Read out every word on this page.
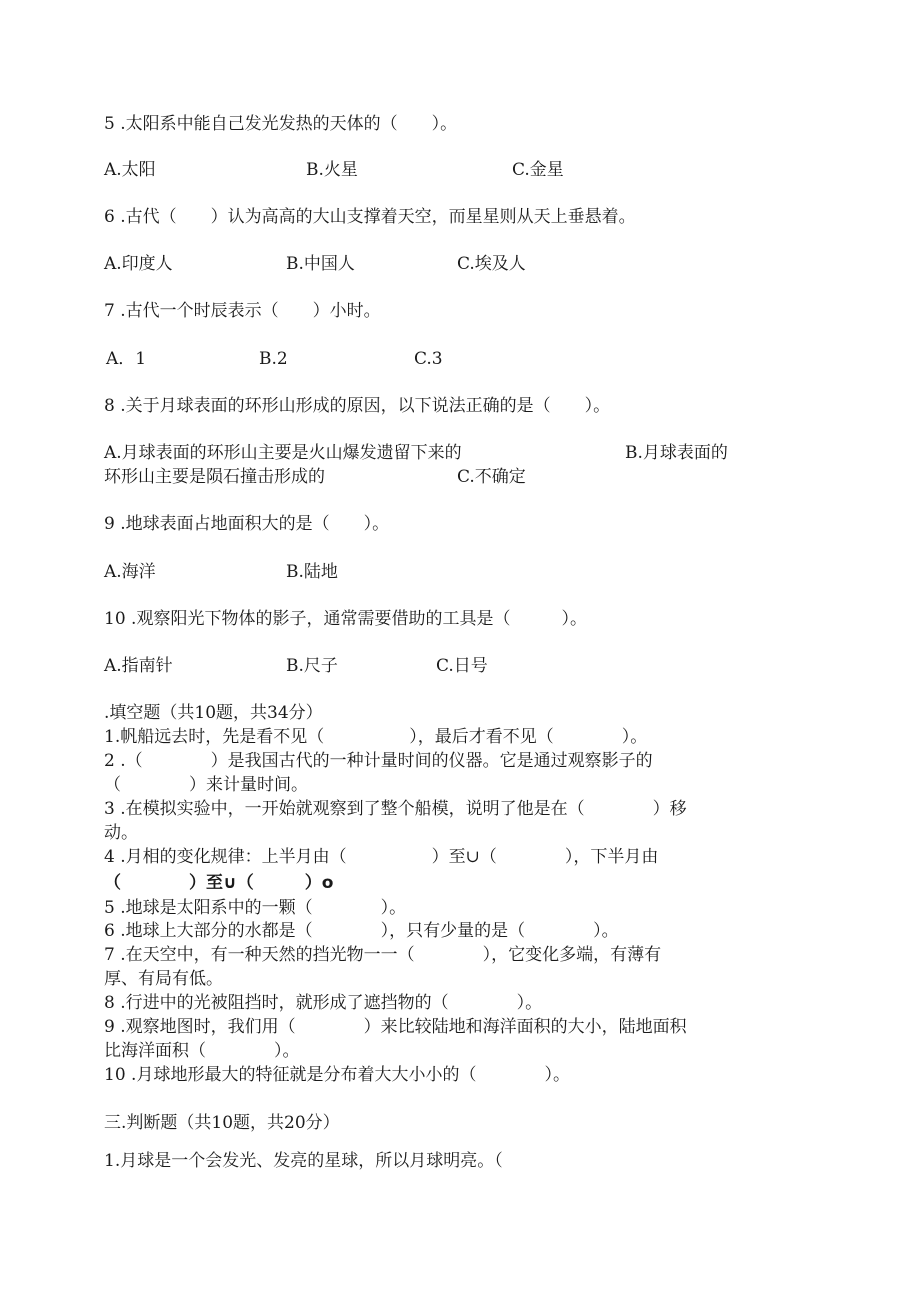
5 .太阳系中能自己发光发热的天体的（　　）。
A.太阳	B.火星	C.金星
6 .古代（　　）认为高高的大山支撑着天空，而星星则从天上垂悬着。
A.印度人	B.中国人	C.埃及人
7 .古代一个时辰表示（　　）小时。
A．1	B.2	C.3
8 .关于月球表面的环形山形成的原因，以下说法正确的是（　　）。
A.月球表面的环形山主要是火山爆发遗留下来的	B.月球表面的
环形山主要是陨石撞击形成的	C.不确定
9 .地球表面占地面积大的是（　　）。
A.海洋	B.陆地
10 .观察阳光下物体的影子，通常需要借助的工具是（　　　）。
A.指南针	B.尺子	C.日号
.填空题（共10题，共34分）
1.帆船远去时，先是看不见（　　　　　），最后才看不见（　　　　）。
2 .（　　　　）是我国古代的一种计量时间的仪器。它是通过观察影子的
（　　　　）来计量时间。
3 .在模拟实验中，一开始就观察到了整个船模，说明了他是在（　　　　）移
动。
4 .月相的变化规律：上半月由（　　　　　）至∪（　　　　），下半月由
（　　　　）至∪（　　　）o
5 .地球是太阳系中的一颗（　　　　）。
6 .地球上大部分的水都是（　　　　），只有少量的是（　　　　）。
7 .在天空中，有一种天然的挡光物一一（　　　　），它变化多端，有薄有
厚、有局有低。
8 .行进中的光被阻挡时，就形成了遮挡物的（　　　　）。
9 .观察地图时，我们用（　　　　）来比较陆地和海洋面积的大小，陆地面积
比海洋面积（　　　　）。
10 .月球地形最大的特征就是分布着大大小小的（　　　　）。
三.判断题（共10题，共20分）
1.月球是一个会发光、发亮的星球，所以月球明亮。（
